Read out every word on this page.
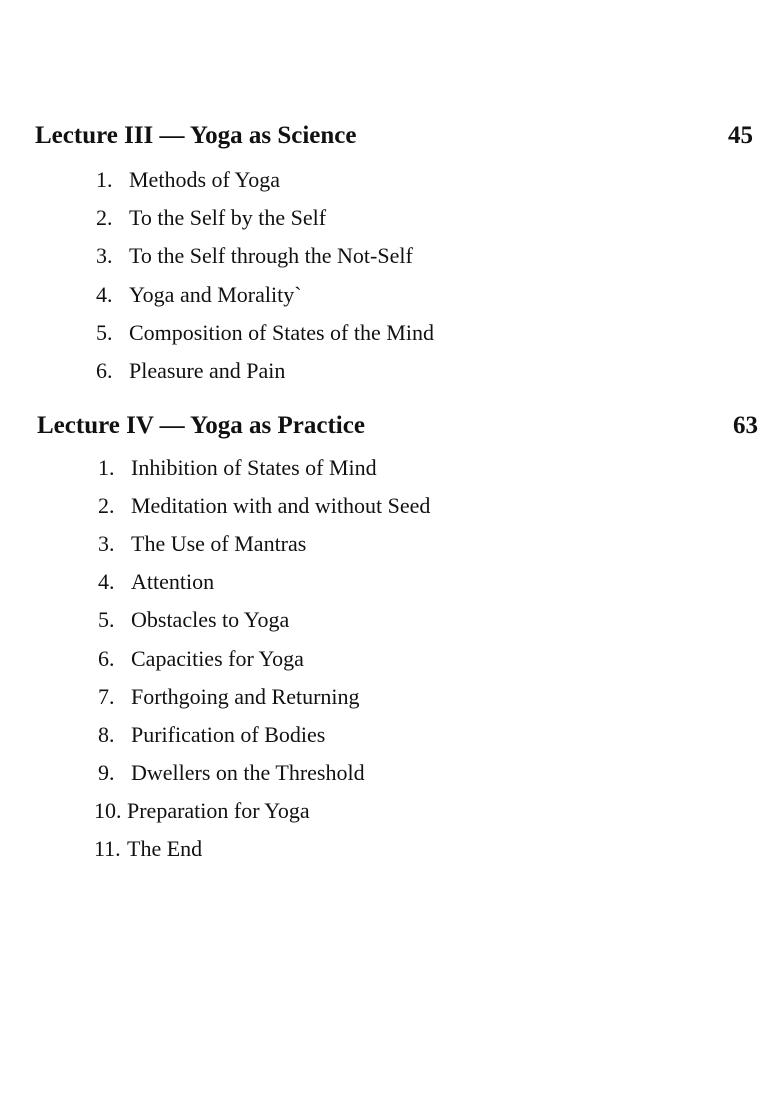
Lecture III — Yoga as Science	45
1. Methods of Yoga
2. To the Self by the Self
3. To the Self through the Not-Self
4. Yoga and Morality`
5. Composition of States of the Mind
6. Pleasure and Pain
Lecture IV — Yoga as Practice	63
1. Inhibition of States of Mind
2. Meditation with and without Seed
3. The Use of Mantras
4. Attention
5. Obstacles to Yoga
6. Capacities for Yoga
7. Forthgoing and Returning
8. Purification of Bodies
9. Dwellers on the Threshold
10. Preparation for Yoga
11. The End
